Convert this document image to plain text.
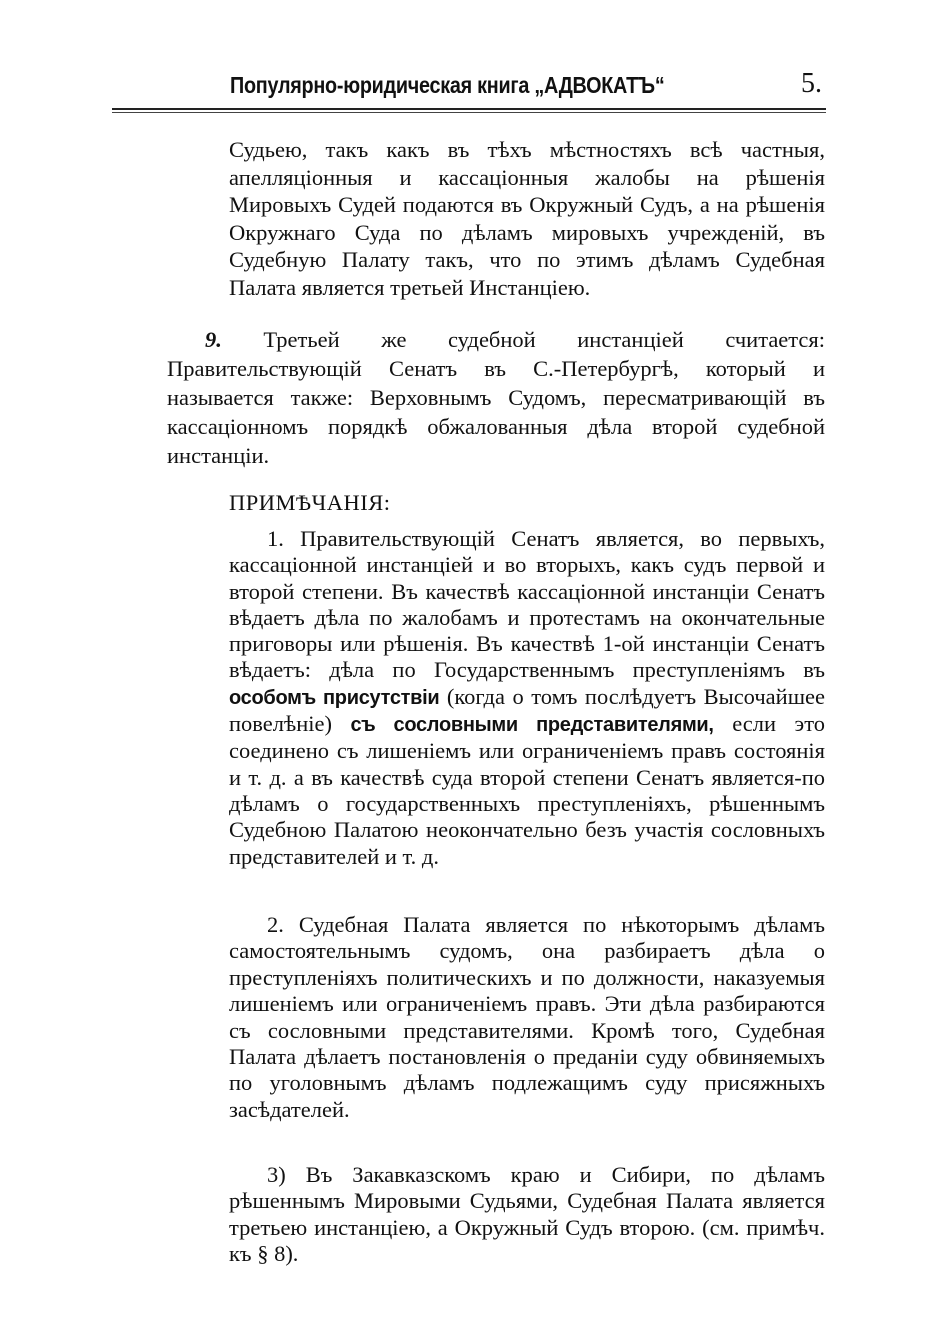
Популярно-юридическая книга „АДВОКАТЪ“	5.

Судьею, такъ какъ въ тѣхъ мѣстностяхъ всѣ частныя, апелляціонныя и кассаціонныя жалобы на рѣшенія Мировыхъ Судей подаются въ Окружный Судъ, а на рѣшенія Окружнаго Суда по дѣламъ мировыхъ учрежденій, въ Судебную Палату такъ, что по этимъ дѣламъ Судебная Палата является третьей Инстанціею.

9. Третьей же судебной инстанціей считается: Правительствующій Сенатъ въ С.-Петербургѣ, который и называется также: Верховнымъ Судомъ, пересматривающій въ кассаціонномъ порядкѣ обжалованныя дѣла второй судебной инстанціи.

ПРИМѢЧАНІЯ:

1. Правительствующій Сенатъ является, во первыхъ, кассаціонной инстанціей и во вторыхъ, какъ судъ первой и второй степени. Въ качествѣ кассаціонной инстанціи Сенатъ вѣдаетъ дѣла по жалобамъ и протестамъ на окончательные приговоры или рѣшенія. Въ качествѣ 1-ой инстанціи Сенатъ вѣдаетъ: дѣла по Государственнымъ преступленіямъ въ особомъ присутствіи (когда о томъ послѣдуетъ Высочайшее повелѣніе) съ сословными представителями, если это соединено съ лишеніемъ или ограниченіемъ правъ состоянія и т. д. а въ качествѣ суда второй степени Сенатъ является-по дѣламъ о государственныхъ преступленіяхъ, рѣшеннымъ Судебною Палатою неокончательно безъ участія сословныхъ представителей и т. д.

2. Судебная Палата является по нѣкоторымъ дѣламъ самостоятельнымъ судомъ, она разбираетъ дѣла о преступленіяхъ политическихъ и по должности, наказуемыя лишеніемъ или ограниченіемъ правъ. Эти дѣла разбираются съ сословными представителями. Кромѣ того, Судебная Палата дѣлаетъ постановленія о преданіи суду обвиняемыхъ по уголовнымъ дѣламъ подлежащимъ суду присяжныхъ засѣдателей.

3) Въ Закавказскомъ краю и Сибири, по дѣламъ рѣшеннымъ Мировыми Судьями, Судебная Палата является третьею инстанціею, а Окружный Судъ второю. (см. примѣч. къ § 8).
